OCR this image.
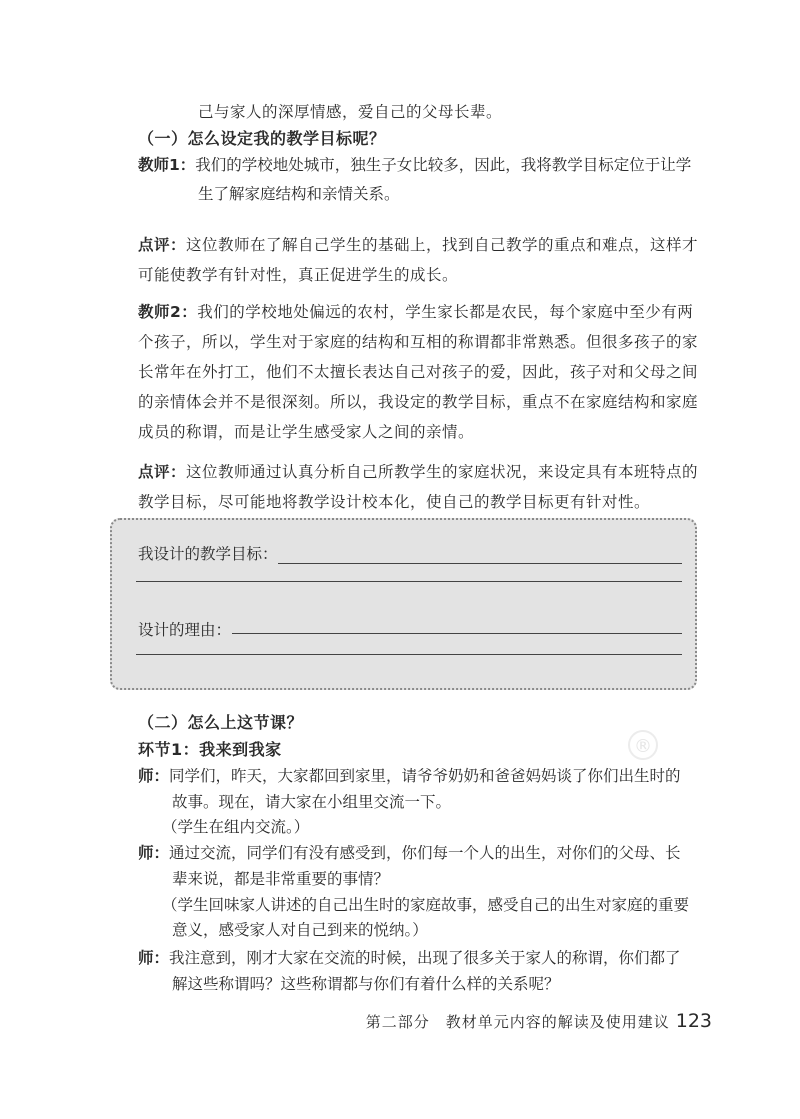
®
己与家人的深厚情感，爱自己的父母长辈。
（一）怎么设定我的教学目标呢？
教师1：我们的学校地处城市，独生子女比较多，因此，我将教学目标定位于让学
生了解家庭结构和亲情关系。
点评：这位教师在了解自己学生的基础上，找到自己教学的重点和难点，这样才可能使教学有针对性，真正促进学生的成长。
教师2：我们的学校地处偏远的农村，学生家长都是农民，每个家庭中至少有两个孩子，所以，学生对于家庭的结构和互相的称谓都非常熟悉。但很多孩子的家长常年在外打工，他们不太擅长表达自己对孩子的爱，因此，孩子对和父母之间的亲情体会并不是很深刻。所以，我设定的教学目标，重点不在家庭结构和家庭成员的称谓，而是让学生感受家人之间的亲情。
点评：这位教师通过认真分析自己所教学生的家庭状况，来设定具有本班特点的教学目标，尽可能地将教学设计校本化，使自己的教学目标更有针对性。
我设计的教学目标：
设计的理由：
（二）怎么上这节课？
环节1：我来到我家
师：同学们，昨天，大家都回到家里，请爷爷奶奶和爸爸妈妈谈了你们出生时的
故事。现在，请大家在小组里交流一下。
（学生在组内交流。）
师：通过交流，同学们有没有感受到，你们每一个人的出生，对你们的父母、长
辈来说，都是非常重要的事情？
（学生回味家人讲述的自己出生时的家庭故事，感受自己的出生对家庭的重要
意义，感受家人对自己到来的悦纳。）
师：我注意到，刚才大家在交流的时候，出现了很多关于家人的称谓，你们都了
解这些称谓吗？这些称谓都与你们有着什么样的关系呢？
第二部分　教材单元内容的解读及使用建议 123
